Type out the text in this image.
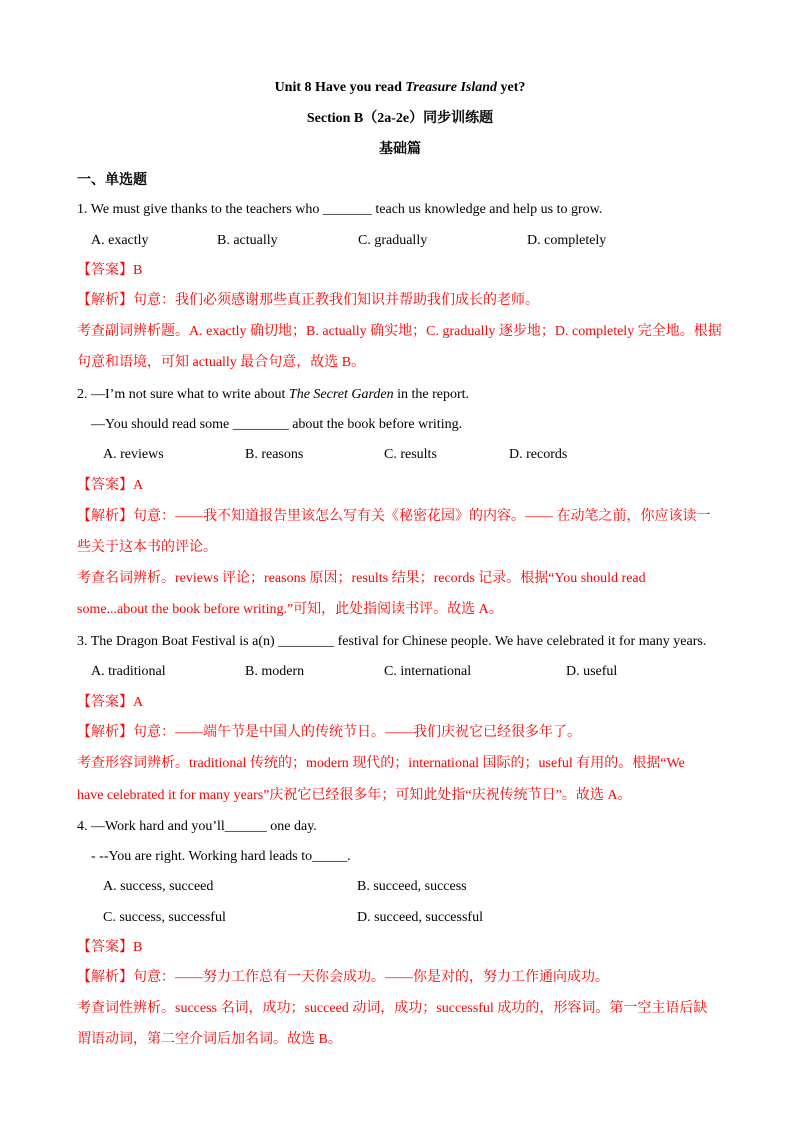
Unit 8 Have you read Treasure Island yet?
Section B（2a-2e）同步训练题
基础篇
一、单选题
1. We must give thanks to the teachers who _______ teach us knowledge and help us to grow.
A. exactly	B. actually	C. gradually	D. completely
【答案】B
【解析】句意：我们必须感谢那些真正教我们知识并帮助我们成长的老师。
考查副词辨析题。A. exactly 确切地；B. actually 确实地；C. gradually 逐步地；D. completely 完全地。根据
句意和语境，可知 actually 最合句意，故选 B。
2. —I’m not sure what to write about The Secret Garden in the report.
—You should read some ________ about the book before writing.
A. reviews	B. reasons	C. results	D. records
【答案】A
【解析】句意：——我不知道报告里该怎么写有关《秘密花园》的内容。—— 在动笔之前，你应该读一
些关于这本书的评论。
考查名词辨析。reviews 评论；reasons 原因；results 结果；records 记录。根据“You should read
some...about the book before writing.”可知，此处指阅读书评。故选 A。
3. The Dragon Boat Festival is a(n) ________ festival for Chinese people. We have celebrated it for many years.
A. traditional	B. modern	C. international	D. useful
【答案】A
【解析】句意：——端午节是中国人的传统节日。——我们庆祝它已经很多年了。
考查形容词辨析。traditional 传统的；modern 现代的；international 国际的；useful 有用的。根据“We
have celebrated it for many years”庆祝它已经很多年；可知此处指“庆祝传统节日”。故选 A。
4. —Work hard and you’ll______ one day.
- --You are right. Working hard leads to_____.
A. success, succeed	B. succeed, success
C. success, successful	D. succeed, successful
【答案】B
【解析】句意：——努力工作总有一天你会成功。——你是对的，努力工作通向成功。
考查词性辨析。success 名词，成功；succeed 动词，成功；successful 成功的，形容词。第一空主语后缺
谓语动词，第二空介词后加名词。故选 B。
